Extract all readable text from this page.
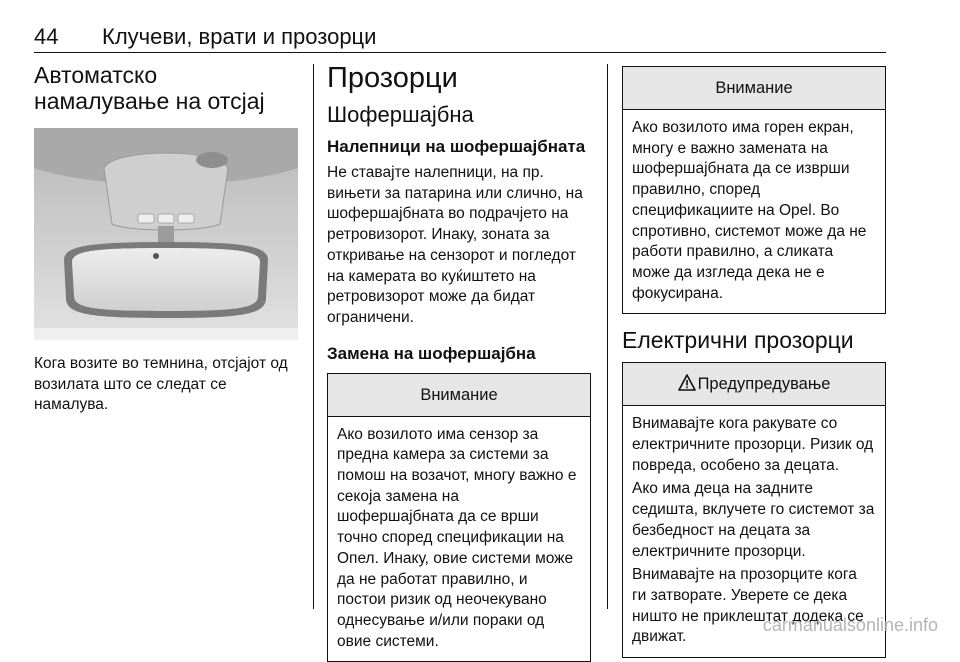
44 Клучеви, врати и прозорци
Автоматско намалување на отсјај

Кога возите во темнина, отсјајот од возилата што се следат се намалува.

Прозорци
Шофершајбна
Налепници на шофершајбната

Не ставајте налепници, на пр. вињети за патарина или слично, на шофершајбната во подрачјето на ретровизорот. Инаку, зоната за откривање на сензорот и погледот на камерата во куќиштето на ретровизорот може да бидат ограничени.

Замена на шофершајбна
Внимание

Ако возилото има сензор за предна камера за системи за помош на возачот, многу важно е секоја замена на шофершајбната да се врши точно според спецификации на Опел. Инаку, овие системи може да не работат правилно, и постои ризик од неочекувано однесување и/или пораки од овие системи.

Внимание

Ако возилото има горен екран, многу е важно замената на шофершајбната да се изврши правилно, според спецификациите на Opel. Во спротивно, системот може да не работи правилно, а сликата може да изгледа дека не е фокусирана.

Електрични прозорци
Предупредување

Внимавајте кога ракувате со електричните прозорци. Ризик од повреда, особено за децата.

Ако има деца на задните седишта, вклучете го системот за безбедност на децата за електричните прозорци.

Внимавајте на прозорците кога ги затворате. Уверете се дека ништо не приклештат додека се движат.

carmanualsonline.info
